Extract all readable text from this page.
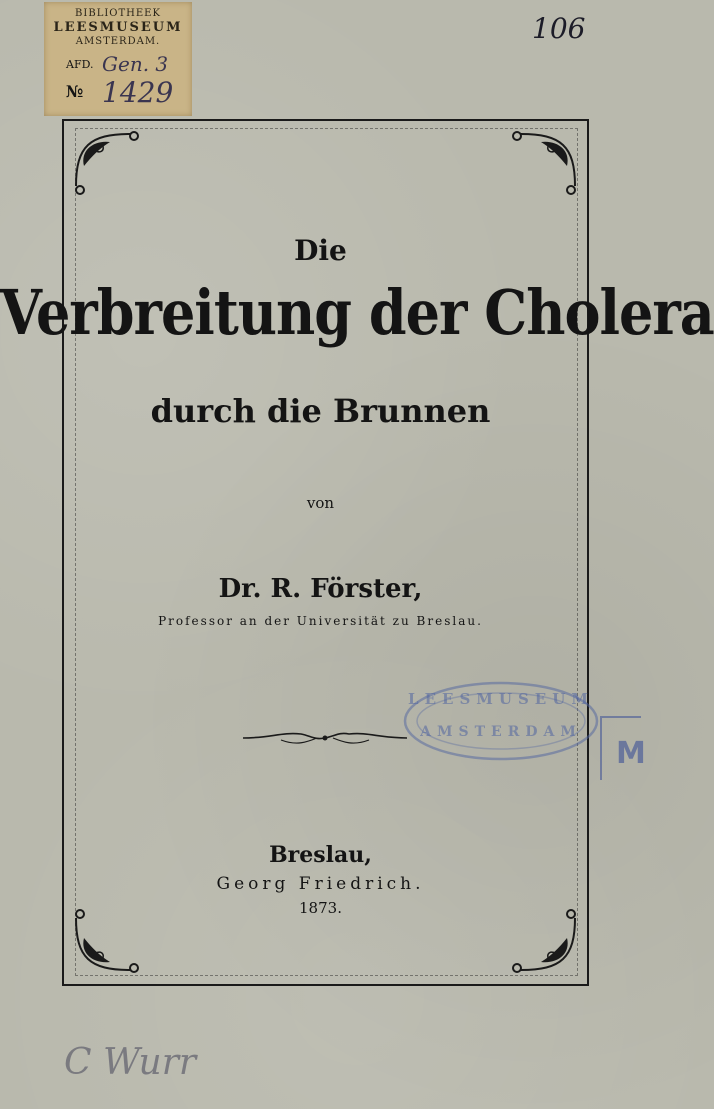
BIBLIOTHEEK
LEESMUSEUM
AMSTERDAM.
AFD. Gen. 3
№ 1429
106
Die
Verbreitung der Cholera
durch die Brunnen
von
Dr. R. Förster,
Professor an der Universität zu Breslau.
LEESMUSEUM
AMSTERDAM
M
Breslau,
Georg Friedrich.
1873.
C Wurr
